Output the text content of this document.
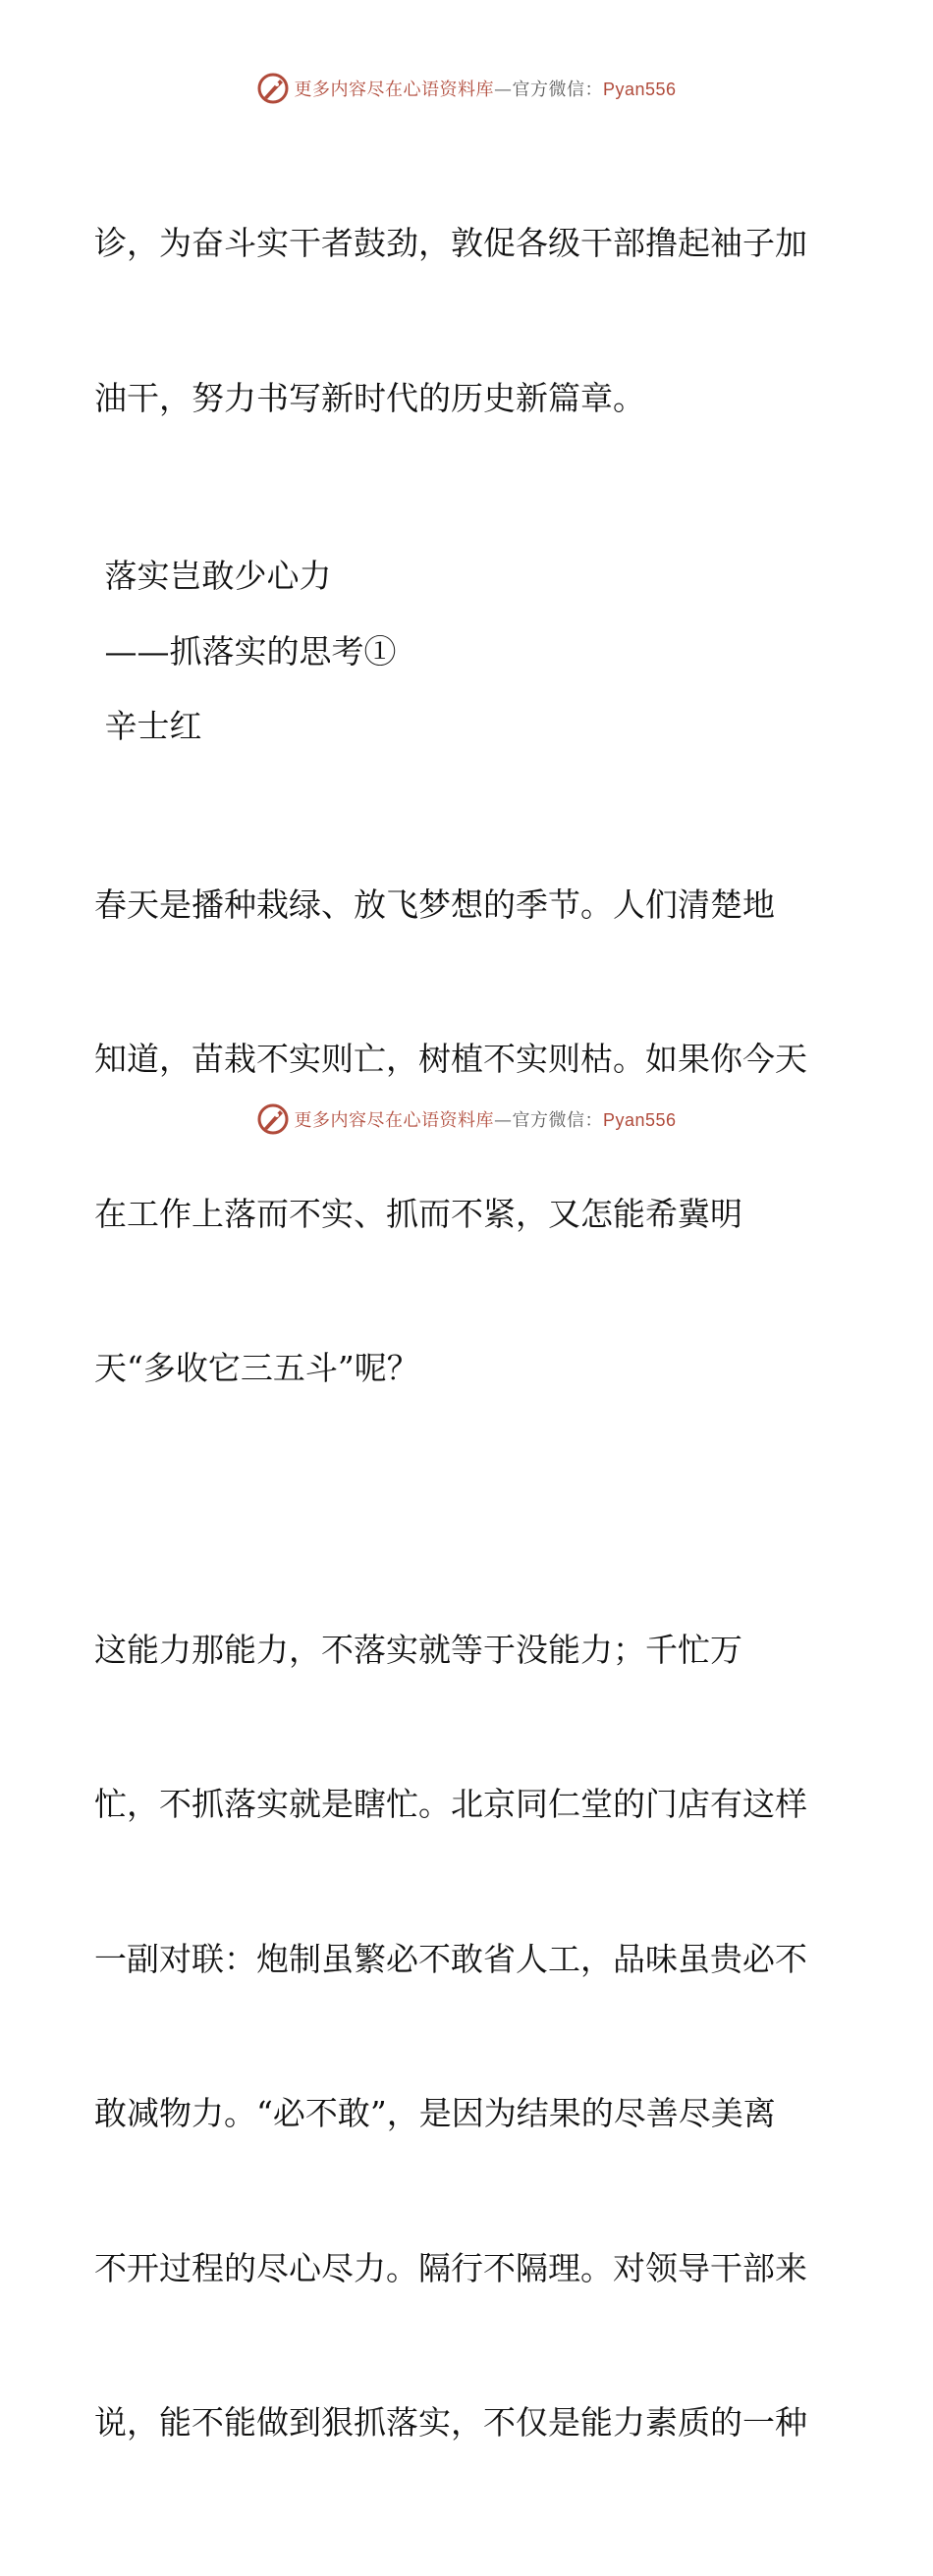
更多内容尽在心语资料库—官方微信：Pyan556

诊，为奋斗实干者鼓劲，敦促各级干部撸起袖子加

油干，努力书写新时代的历史新篇章。

落实岂敢少心力
——抓落实的思考①
辛士红

春天是播种栽绿、放飞梦想的季节。人们清楚地

知道，苗栽不实则亡，树植不实则枯。如果你今天

在工作上落而不实、抓而不紧，又怎能希冀明

天“多收它三五斗”呢？

这能力那能力，不落实就等于没能力；千忙万

忙，不抓落实就是瞎忙。北京同仁堂的门店有这样

一副对联：炮制虽繁必不敢省人工，品味虽贵必不

敢减物力。“必不敢”，是因为结果的尽善尽美离

不开过程的尽心尽力。隔行不隔理。对领导干部来

说，能不能做到狠抓落实，不仅是能力素质的一种

更多内容尽在心语资料库—官方微信：Pyan556
